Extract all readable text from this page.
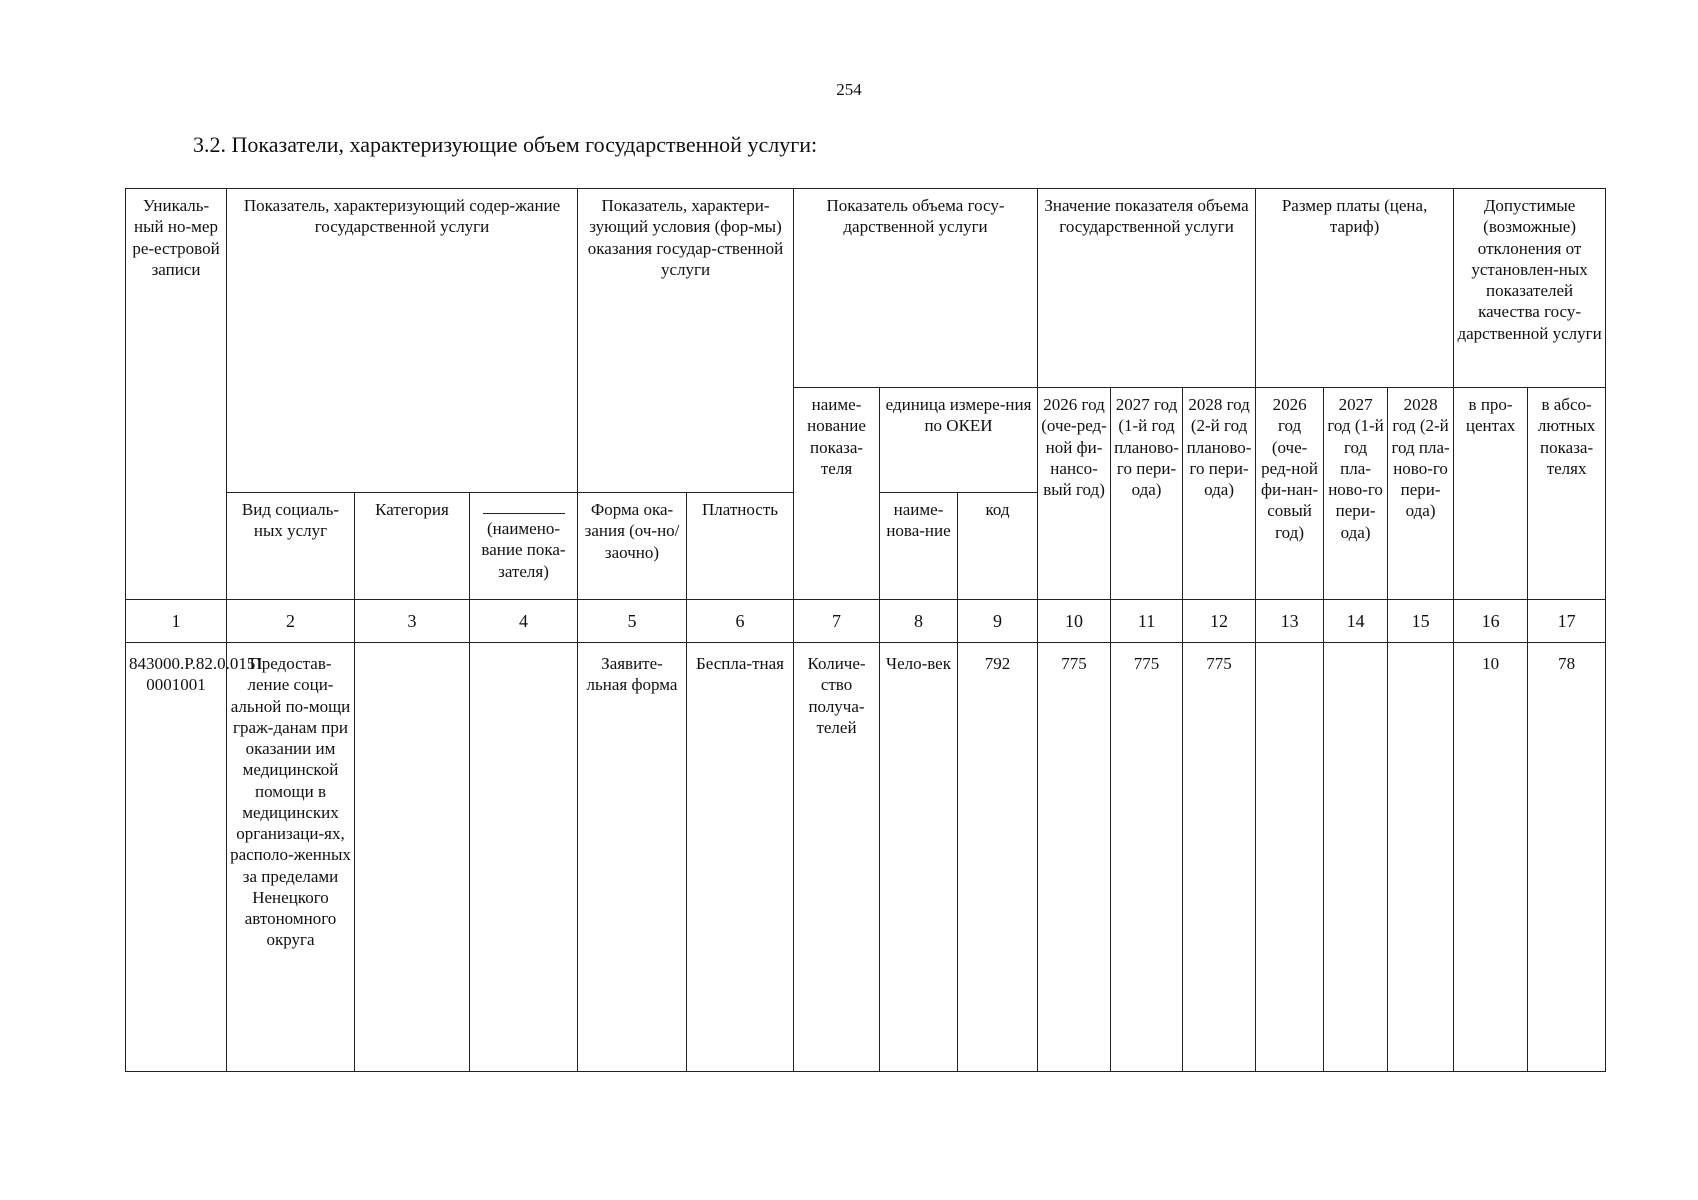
254
3.2. Показатели, характеризующие объем государственной услуги:
Уникаль-ный но-мер ре-естровой записи	Показатель, характеризующий содер-жание государственной услуги			Показатель, характери-зующий условия (фор-мы) оказания государ-ственной услуги		Показатель объема госу-дарственной услуги			Значение показателя объема государственной услуги			Размер платы (цена, тариф)			Допустимые (возможные) отклонения от установлен-ных показателей качества госу-дарственной услуги	
						наиме-нование показа-теля	единица измере-ния по ОКЕИ		2026 год (оче-ред-ной фи-нансо-вый год)	2027 год (1-й год планово-го пери-ода)	2028 год (2-й год планово-го пери-ода)	2026 год (оче-ред-ной фи-нан-совый год)	2027 год (1-й год пла-ново-го пери-ода)	2028 год (2-й год пла-ново-го пери-ода)	в про-центах	в абсо-лютных показа-телях
	Вид социаль-ных услуг	Категория	(наимено-вание пока-зателя)	Форма ока-зания (оч-но/заочно)	Платность		наиме-нова-ние	код								
1	2	3	4	5	6	7	8	9	10	11	12	13	14	15	16	17
843000.Р.82.0.0151 0001001	Предостав-ление соци-альной по-мощи граж-данам при оказании им медицинской помощи в медицинских организаци-ях, располо-женных за пределами Ненецкого автономного округа			Заявите-льная форма	Беспла-тная	Количе-ство получа-телей	Чело-век	792	775	775	775				10	78
